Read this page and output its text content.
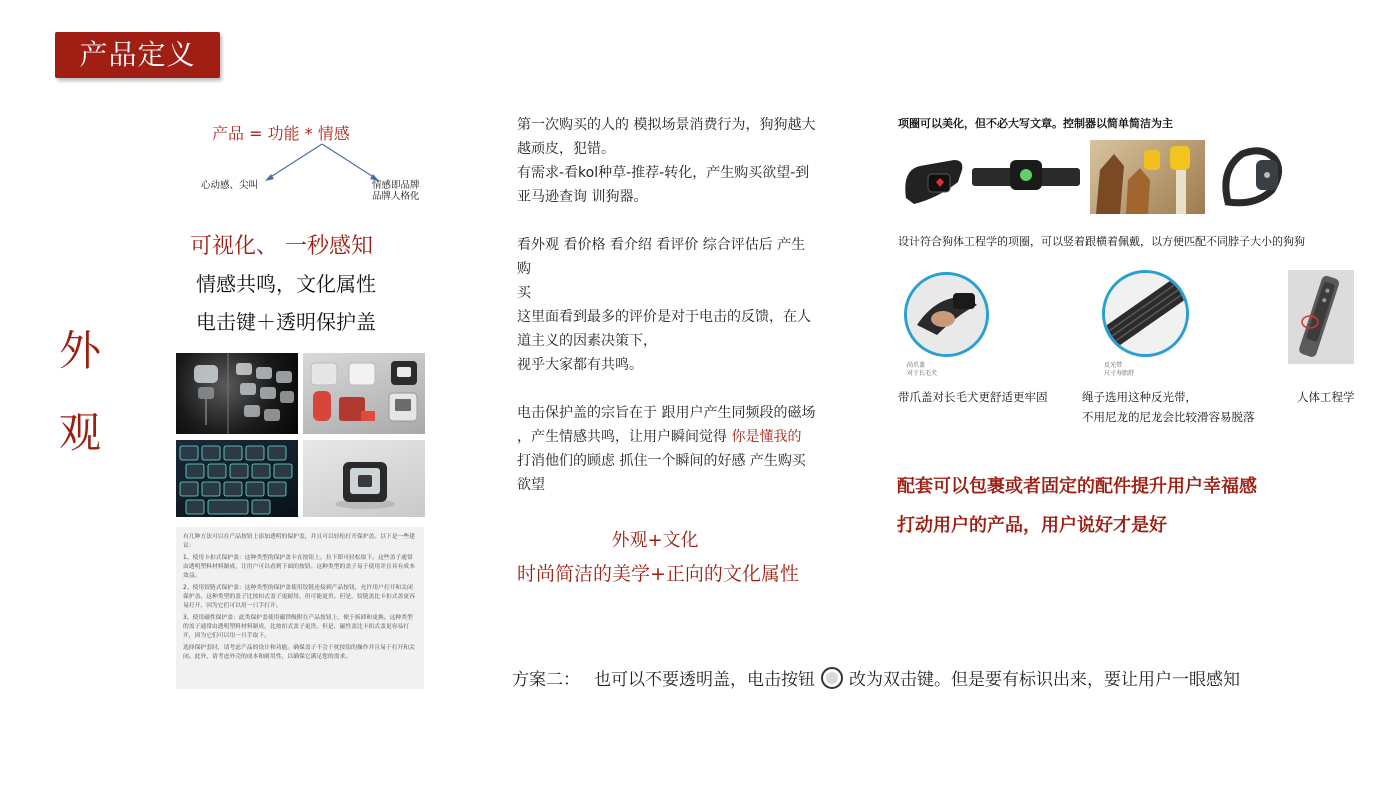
产品定义
外
观
产品 = 功能 * 情感
心动感、尖叫	情感即品牌
品牌人格化
可视化、 一秒感知
情感共鸣，文化属性
电击键＋透明保护盖

有几种方法可以在产品按钮上添加透明的保护盖，并且可以轻松打开保护盖。以下是一些建议：

1、使用卡扣式保护盖：这种类型的保护盖卡在按钮上，拉下即可轻松取下。这些盖子通常由透明塑料材料制成，让用户可以看到下面的按钮。这种类型的盖子易于使用并且具有成本效益。

2、使用铰链式保护盖：这种类型的保护盖使用铰链连接到产品按钮，允许用户打开和关闭保护盖。这种类型的盖子比按扣式盖子更耐用，但可能更贵。但是，铰链盖比卡扣式盖更容易打开，因为它们可以用一只手打开。

3、使用磁性保护盖：此类保护盖使用磁铁吸附在产品按钮上，便于拆卸和更换。这种类型的盖子通常由透明塑料材料制成，比按扣式盖子更贵。但是，磁性盖比卡扣式盖更容易打开，因为它们可以用一只手取下。

选择保护套时，请考虑产品的设计和功能。确保盖子不会干扰按钮的操作并且易于打开和关闭。此外，请考虑外壳的成本和耐用性，以确保它满足您的需求。

第一次购买的人的 模拟场景消费行为，狗狗越大
越顽皮，犯错。
有需求-看kol种草-推荐-转化，产生购买欲望-到
亚马逊查询 训狗器。
看外观 看价格 看介绍 看评价 综合评估后 产生购
买
这里面看到最多的评价是对于电击的反馈，在人
道主义的因素决策下，
视乎大家都有共鸣。
电击保护盖的宗旨在于 跟用户产生同频段的磁场
，产生情感共鸣，让用户瞬间觉得 你是懂我的
打消他们的顾虑 抓住一个瞬间的好感 产生购买
欲望
外观+文化
时尚简洁的美学+正向的文化属性
项圈可以美化，但不必大写文章。控制器以简单简洁为主
设计符合狗体工程学的项圈，可以竖着跟横着佩戴，以方便匹配不同脖子大小的狗狗
尚爪盖
对于长毛犬
反光带
尺寸寿胎舒
带爪盖对长毛犬更舒适更牢固	绳子选用这种反光带，
不用尼龙的尼龙会比较滑容易脱落
人体工程学
配套可以包裹或者固定的配件提升用户幸福感
打动用户的产品，用户说好才是好
方案二： 也可以不要透明盖，电击按钮 改为双击键。但是要有标识出来，要让用户一眼感知
